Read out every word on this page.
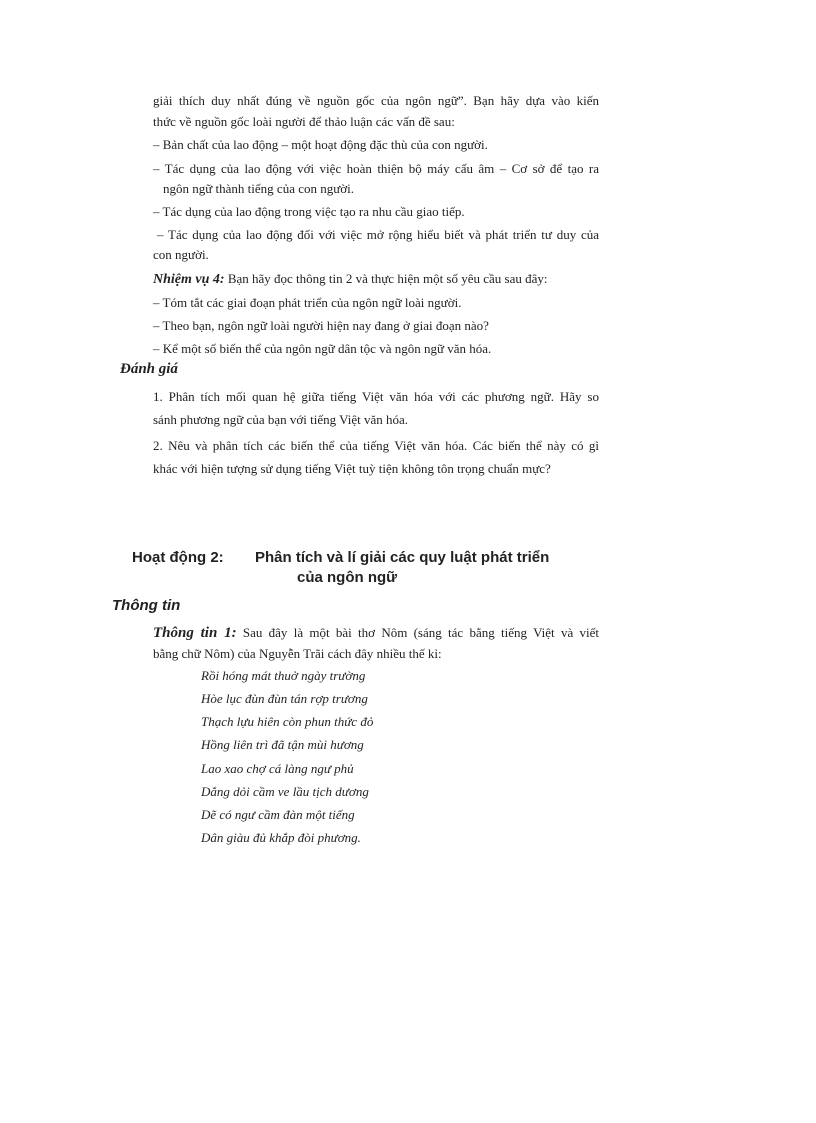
giải thích duy nhất đúng về nguồn gốc của ngôn ngữ”. Bạn hãy dựa vào kiến
thức về nguồn gốc loài người để thảo luận các vấn đề sau:
– Bản chất của lao động – một hoạt động đặc thù của con người.
– Tác dụng của lao động với việc hoàn thiện bộ máy cấu âm – Cơ sở để tạo ra
ngôn ngữ thành tiếng của con người.
– Tác dụng của lao động trong việc tạo ra nhu cầu giao tiếp.
– Tác dụng của lao động đối với việc mở rộng hiểu biết và phát triển tư duy của
con người.
Nhiệm vụ 4: Bạn hãy đọc thông tin 2 và thực hiện một số yêu cầu sau đây:
– Tóm tắt các giai đoạn phát triển của ngôn ngữ loài người.
– Theo bạn, ngôn ngữ loài người hiện nay đang ở giai đoạn nào?
– Kể một số biến thể của ngôn ngữ dân tộc và ngôn ngữ văn hóa.
Đánh giá
1. Phân tích mối quan hệ giữa tiếng Việt văn hóa với các phương ngữ. Hãy so
sánh phương ngữ của bạn với tiếng Việt văn hóa.
2. Nêu và phân tích các biến thể của tiếng Việt văn hóa. Các biến thể này có gì
khác với hiện tượng sử dụng tiếng Việt tuỳ tiện không tôn trọng chuẩn mực?
Hoạt động 2: Phân tích và lí giải các quy luật phát triển
của ngôn ngữ
Thông tin
Thông tin 1: Sau đây là một bài thơ Nôm (sáng tác bằng tiếng Việt và viết
bằng chữ Nôm) của Nguyễn Trãi cách đây nhiều thế kỉ:
Rồi hóng mát thuở ngày trường
Hòe lục đùn đùn tán rợp trương
Thạch lựu hiên còn phun thức đỏ
Hồng liên trì đã tận mùi hương
Lao xao chợ cá làng ngư phủ
Dắng dỏi cầm ve lầu tịch dương
Dẽ có ngư cầm đàn một tiếng
Dân giàu đủ khắp đòi phương.
